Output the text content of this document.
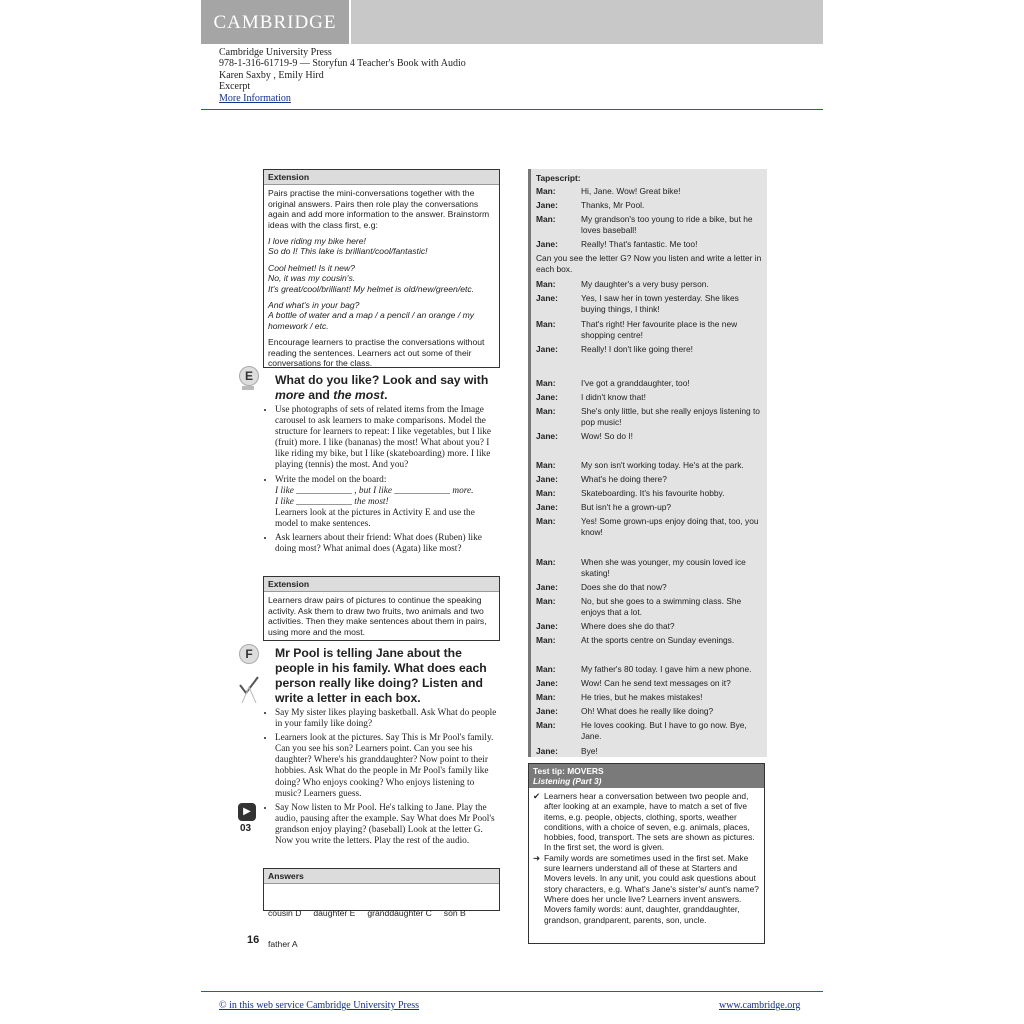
CAMBRIDGE
Cambridge University Press
978-1-316-61719-9 — Storyfun 4 Teacher's Book with Audio
Karen Saxby , Emily Hird
Excerpt
More Information
Extension

Pairs practise the mini-conversations together with the original answers. Pairs then role play the conversations again and add more information to the answer. Brainstorm ideas with the class first, e.g:

I love riding my bike here!
So do I! This lake is brilliant/cool/fantastic!

Cool helmet! Is it new?
No, it was my cousin's.
It's great/cool/brilliant! My helmet is old/new/green/etc.

And what's in your bag?
A bottle of water and a map / a pencil / an orange / my homework / etc.

Encourage learners to practise the conversations without reading the sentences. Learners act out some of their conversations for the class.

E	What do you like? Look and say with
more and the most.
• Use photographs of sets of related items from the Image carousel to ask learners to make comparisons. Model the structure for learners to repeat: I like vegetables, but I like (fruit) more. I like (bananas) the most! What about you? I like riding my bike, but I like (skateboarding) more. I like playing (tennis) the most. And you?
• Write the model on the board:
I like ____________ , but I like ____________ more.
I like ____________ the most!
Learners look at the pictures in Activity E and use the model to make sentences.
• Ask learners about their friend: What does (Ruben) like doing most? What animal does (Agata) like most?
Extension

Learners draw pairs of pictures to continue the speaking activity. Ask them to draw two fruits, two animals and two activities. Then they make sentences about them in pairs, using more and the most.

F	Mr Pool is telling Jane about the people in his family. What does each person really like doing? Listen and write a letter in each box.
• Say My sister likes playing basketball. Ask What do people in your family like doing?
• Learners look at the pictures. Say This is Mr Pool's family. Can you see his son? Learners point. Can you see his daughter? Where's his granddaughter? Now point to their hobbies. Ask What do the people in Mr Pool's family like doing? Who enjoys cooking? Who enjoys listening to music? Learners guess.
• Say Now listen to Mr Pool. He's talking to Jane. Play the audio, pausing after the example. Say What does Mr Pool's grandson enjoy playing? (baseball) Look at the letter G. Now you write the letters. Play the rest of the audio.
▶
03
Answers

cousin D     daughter E     granddaughter C     son B

father A

16
Tapescript:
Man:	Hi, Jane. Wow! Great bike!
Jane:	Thanks, Mr Pool.
Man:	My grandson's too young to ride a bike, but he loves baseball!
Jane:	Really! That's fantastic. Me too!
Can you see the letter G? Now you listen and write a letter in each box.
Man:	My daughter's a very busy person.
Jane:	Yes, I saw her in town yesterday. She likes buying things, I think!
Man:	That's right! Her favourite place is the new shopping centre!
Jane:	Really! I don't like going there!
Man:	I've got a granddaughter, too!
Jane:	I didn't know that!
Man:	She's only little, but she really enjoys listening to pop music!
Jane:	Wow! So do I!
Man:	My son isn't working today. He's at the park.
Jane:	What's he doing there?
Man:	Skateboarding. It's his favourite hobby.
Jane:	But isn't he a grown-up?
Man:	Yes! Some grown-ups enjoy doing that, too, you know!
Man:	When she was younger, my cousin loved ice skating!
Jane:	Does she do that now?
Man:	No, but she goes to a swimming class. She enjoys that a lot.
Jane:	Where does she do that?
Man:	At the sports centre on Sunday evenings.
Man:	My father's 80 today. I gave him a new phone.
Jane:	Wow! Can he send text messages on it?
Man:	He tries, but he makes mistakes!
Jane:	Oh! What does he really like doing?
Man:	He loves cooking. But I have to go now. Bye, Jane.
Jane:	Bye!
Test tip: MOVERS
Listening (Part 3)
✔ Learners hear a conversation between two people and, after looking at an example, have to match a set of five items, e.g. people, objects, clothing, sports, weather conditions, with a choice of seven, e.g. animals, places, hobbies, food, transport. The sets are shown as pictures. In the first set, the word is given.
➜ Family words are sometimes used in the first set. Make sure learners understand all of these at Starters and Movers levels. In any unit, you could ask questions about story characters, e.g. What's Jane's sister's/ aunt's name? Where does her uncle live? Learners invent answers. Movers family words: aunt, daughter, granddaughter, grandson, grandparent, parents, son, uncle.
© in this web service Cambridge University Press	www.cambridge.org
